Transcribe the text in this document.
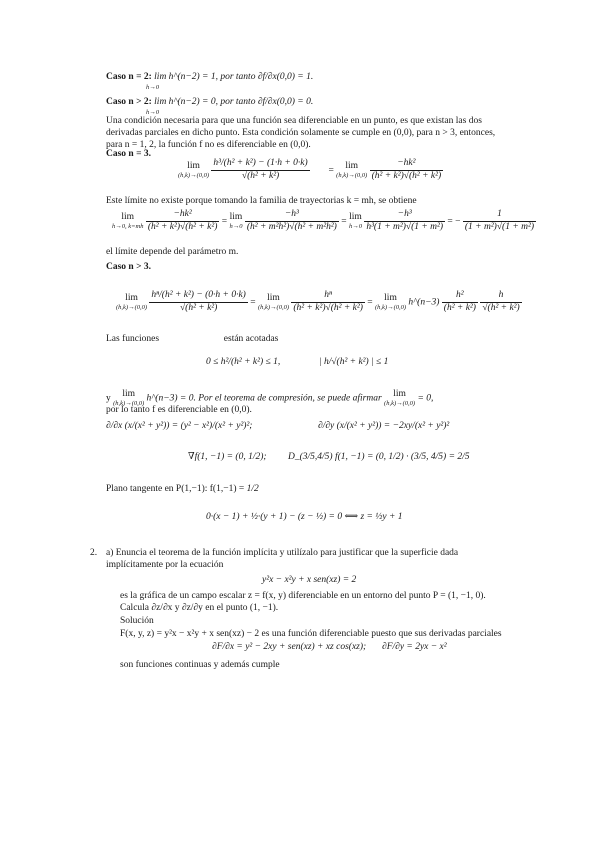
Caso n = 2: lim h^(n−2) = 1, por tanto ∂f/∂x(0,0) = 1.
h→0
Caso n > 2: lim h^(n−2) = 0, por tanto ∂f/∂x(0,0) = 0.
h→0
Una condición necesaria para que una función sea diferenciable en un punto, es que existan las dos derivadas parciales en dicho punto. Esta condición solamente se cumple en (0,0), para n > 3, entonces, para n = 1, 2, la función f no es diferenciable en (0,0).
Caso n = 3.
lim
(h,k)→(0,0)
$\frac{\text{h³/(h² + k²) − (1·h + 0·k)}}{\text{√(h² + k²)}} = \lim$
(h,k)→(0,0)
$\frac{\text{−hk²}}{\text{(h² + k²)√(h² + k²)}}$
Este límite no existe porque tomando la familia de trayectorias k = mh, se obtiene
lim
h→0, k=mh
$\frac{\text{−hk²}}{\text{(h² + k²)√(h² + k²)}} = \lim$
h→0
$\frac{\text{−h³}}{\text{(h² + m²h²)√(h² + m²h²)}} = \lim$
h→0
$\frac{\text{−h³}}{\text{h³(1 + m²)√(1 + m²)}}$ = − $\frac{1}{\text{(1 + m²)√(1 + m²)}}$
el límite depende del parámetro m.
Caso n > 3.
lim
(h,k)→(0,0)
$\frac{\text{hⁿ/(h² + k²) − (0·h + 0·k)}}{\text{√(h² + k²)}} = \lim$
(h,k)→(0,0)
$\frac{\text{hⁿ}}{\text{(h² + k²)√(h² + k²)}} = \lim$
(h,k)→(0,0) h^(n−3) $\frac{\text{h²}}{\text{(h² + k²)}}$
$\frac{h}{\text{√(h² + k²)}}$
Las funciones	están acotadas
0 ≤ h²/(h² + k²) ≤ 1,	| h/√(h² + k²) | ≤ 1
y lim
(h,k)→(0,0) h^(n−3) = 0. Por el teorema de compresión, se puede afirmar lim
(h,k)→(0,0) = 0,
por lo tanto f es diferenciable en (0,0).
∂/∂x (x/(x² + y²)) = (y² − x²)/(x² + y²)²;	∂/∂y (x/(x² + y²)) = −2xy/(x² + y²)²
∇f(1, −1) = (0, 1/2); D_(3/5,4/5) f(1, −1) = (0, 1/2) · (3/5, 4/5) = 2/5
Plano tangente en P(1,−1): f(1,−1) = 1/2
0·(x − 1) + ½·(y + 1) − (z − ½) = 0 ⟺ z = ½y + 1
2. a) Enuncia el teorema de la función implícita y utilízalo para justificar que la superficie dada implícitamente por la ecuación
y²x − x²y + x sen(xz) = 2
es la gráfica de un campo escalar z = f(x, y) diferenciable en un entorno del punto P = (1, −1, 0). Calcula ∂z/∂x y ∂z/∂y en el punto (1, −1).
Solución
F(x, y, z) = y²x − x²y + x sen(xz) − 2 es una función diferenciable puesto que sus derivadas parciales
∂F/∂x = y² − 2xy + sen(xz) + xz cos(xz); ∂F/∂y = 2yx − x²
son funciones continuas y además cumple
